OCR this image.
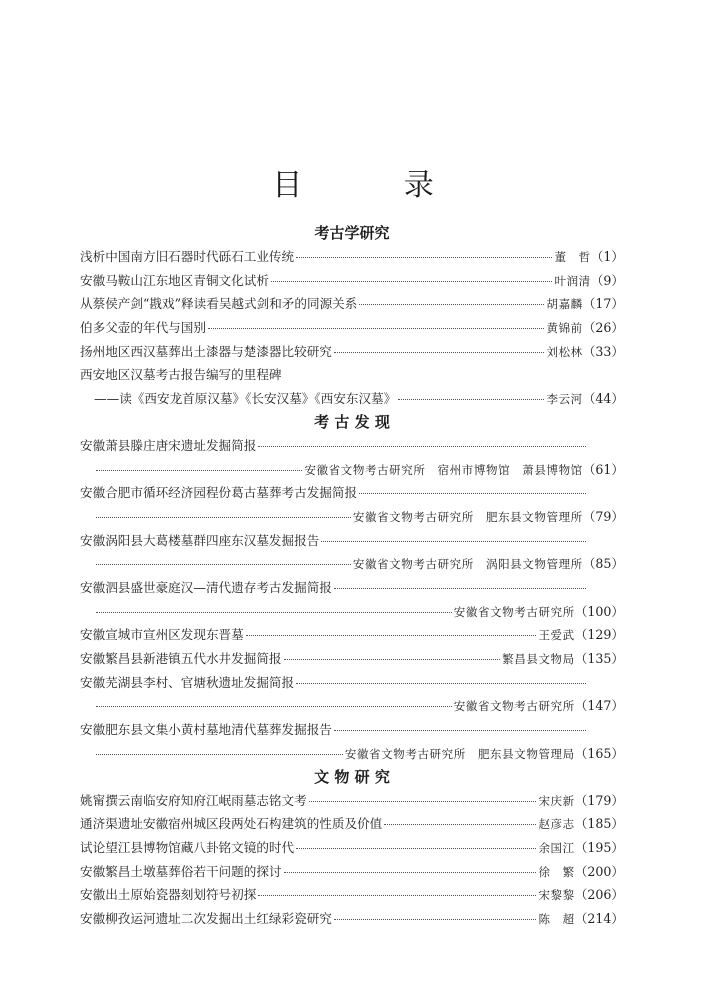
目 录
考古学研究
浅析中国南方旧石器时代砾石工业传统	董　哲 （1）
安徽马鞍山江东地区青铜文化试析	叶润清 （9）
从蔡侯产剑“戡戏”释读看吴越式剑和矛的同源关系	胡嘉麟 （17）
伯多父壶的年代与国别	黄锦前 （26）
扬州地区西汉墓葬出土漆器与楚漆器比较研究	刘松林 （33）
西安地区汉墓考古报告编写的里程碑
——读《西安龙首原汉墓》《长安汉墓》《西安东汉墓》	李云河 （44）
考 古 发 现
安徽萧县滕庄唐宋遗址发掘简报
安徽省文物考古研究所　宿州市博物馆　萧县博物馆 （61）
安徽合肥市循环经济园程份葛古墓葬考古发掘简报
安徽省文物考古研究所　肥东县文物管理所 （79）
安徽涡阳县大葛楼墓群四座东汉墓发掘报告
安徽省文物考古研究所　涡阳县文物管理所 （85）
安徽泗县盛世豪庭汉—清代遗存考古发掘简报
安徽省文物考古研究所 （100）
安徽宣城市宣州区发现东晋墓	王爱武 （129）
安徽繁昌县新港镇五代水井发掘简报	繁昌县文物局 （135）
安徽芜湖县李村、官塘秋遗址发掘简报
安徽省文物考古研究所 （147）
安徽肥东县文集小黄村墓地清代墓葬发掘报告
安徽省文物考古研究所　肥东县文物管理局 （165）
文 物 研 究
姚甯撰云南临安府知府江岷雨墓志铭文考	宋庆新 （179）
通济渠遗址安徽宿州城区段两处石构建筑的性质及价值	赵彦志 （185）
试论望江县博物馆藏八卦铭文镜的时代	余国江 （195）
安徽繁昌土墩墓葬俗若干问题的探讨	徐　繁 （200）
安徽出土原始瓷器刻划符号初探	宋黎黎 （206）
安徽柳孜运河遗址二次发掘出土红绿彩瓷研究	陈　超 （214）
